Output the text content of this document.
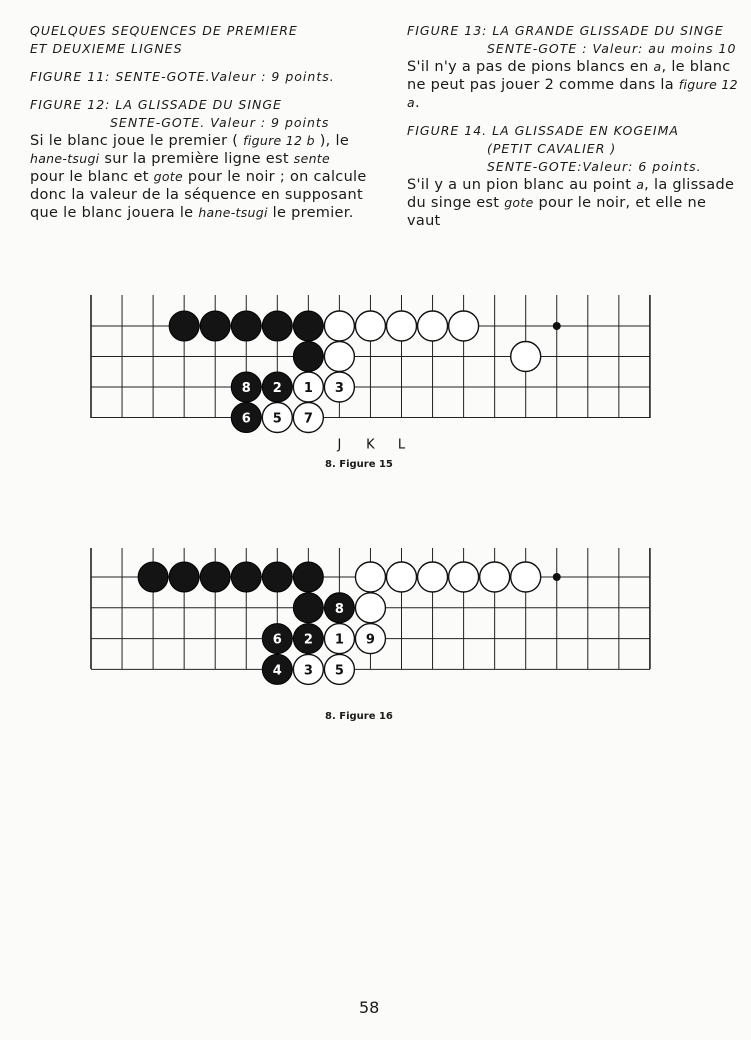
QUELQUES SEQUENCES DE PREMIERE
ET DEUXIEME LIGNES
FIGURE 11: SENTE-GOTE.Valeur : 9 points.
FIGURE 12: LA GLISSADE DU SINGE
SENTE-GOTE. Valeur : 9 points
Si le blanc joue le premier ( figure 12 b ), le
hane-tsugi sur la première ligne est sente
pour le blanc et gote pour le noir ; on calcule
donc la valeur de la séquence en supposant
que le blanc jouera le hane-tsugi le premier.
FIGURE 13: LA GRANDE GLISSADE DU SINGE
SENTE-GOTE : Valeur: au moins 10
S'il n'y a pas de pions blancs en a, le blanc
ne peut pas jouer 2 comme dans la figure 12 a.
FIGURE 14. LA GLISSADE EN KOGEIMA
(PETIT CAVALIER )
SENTE-GOTE:Valeur: 6 points.
S'il y a un pion blanc au point a, la glissade
du singe est gote pour le noir, et elle ne vaut
1 3
5 7
8 2
6
J K L
1 9
3 5
8
6 2
4
8. Figure 15
8. Figure 16
58
